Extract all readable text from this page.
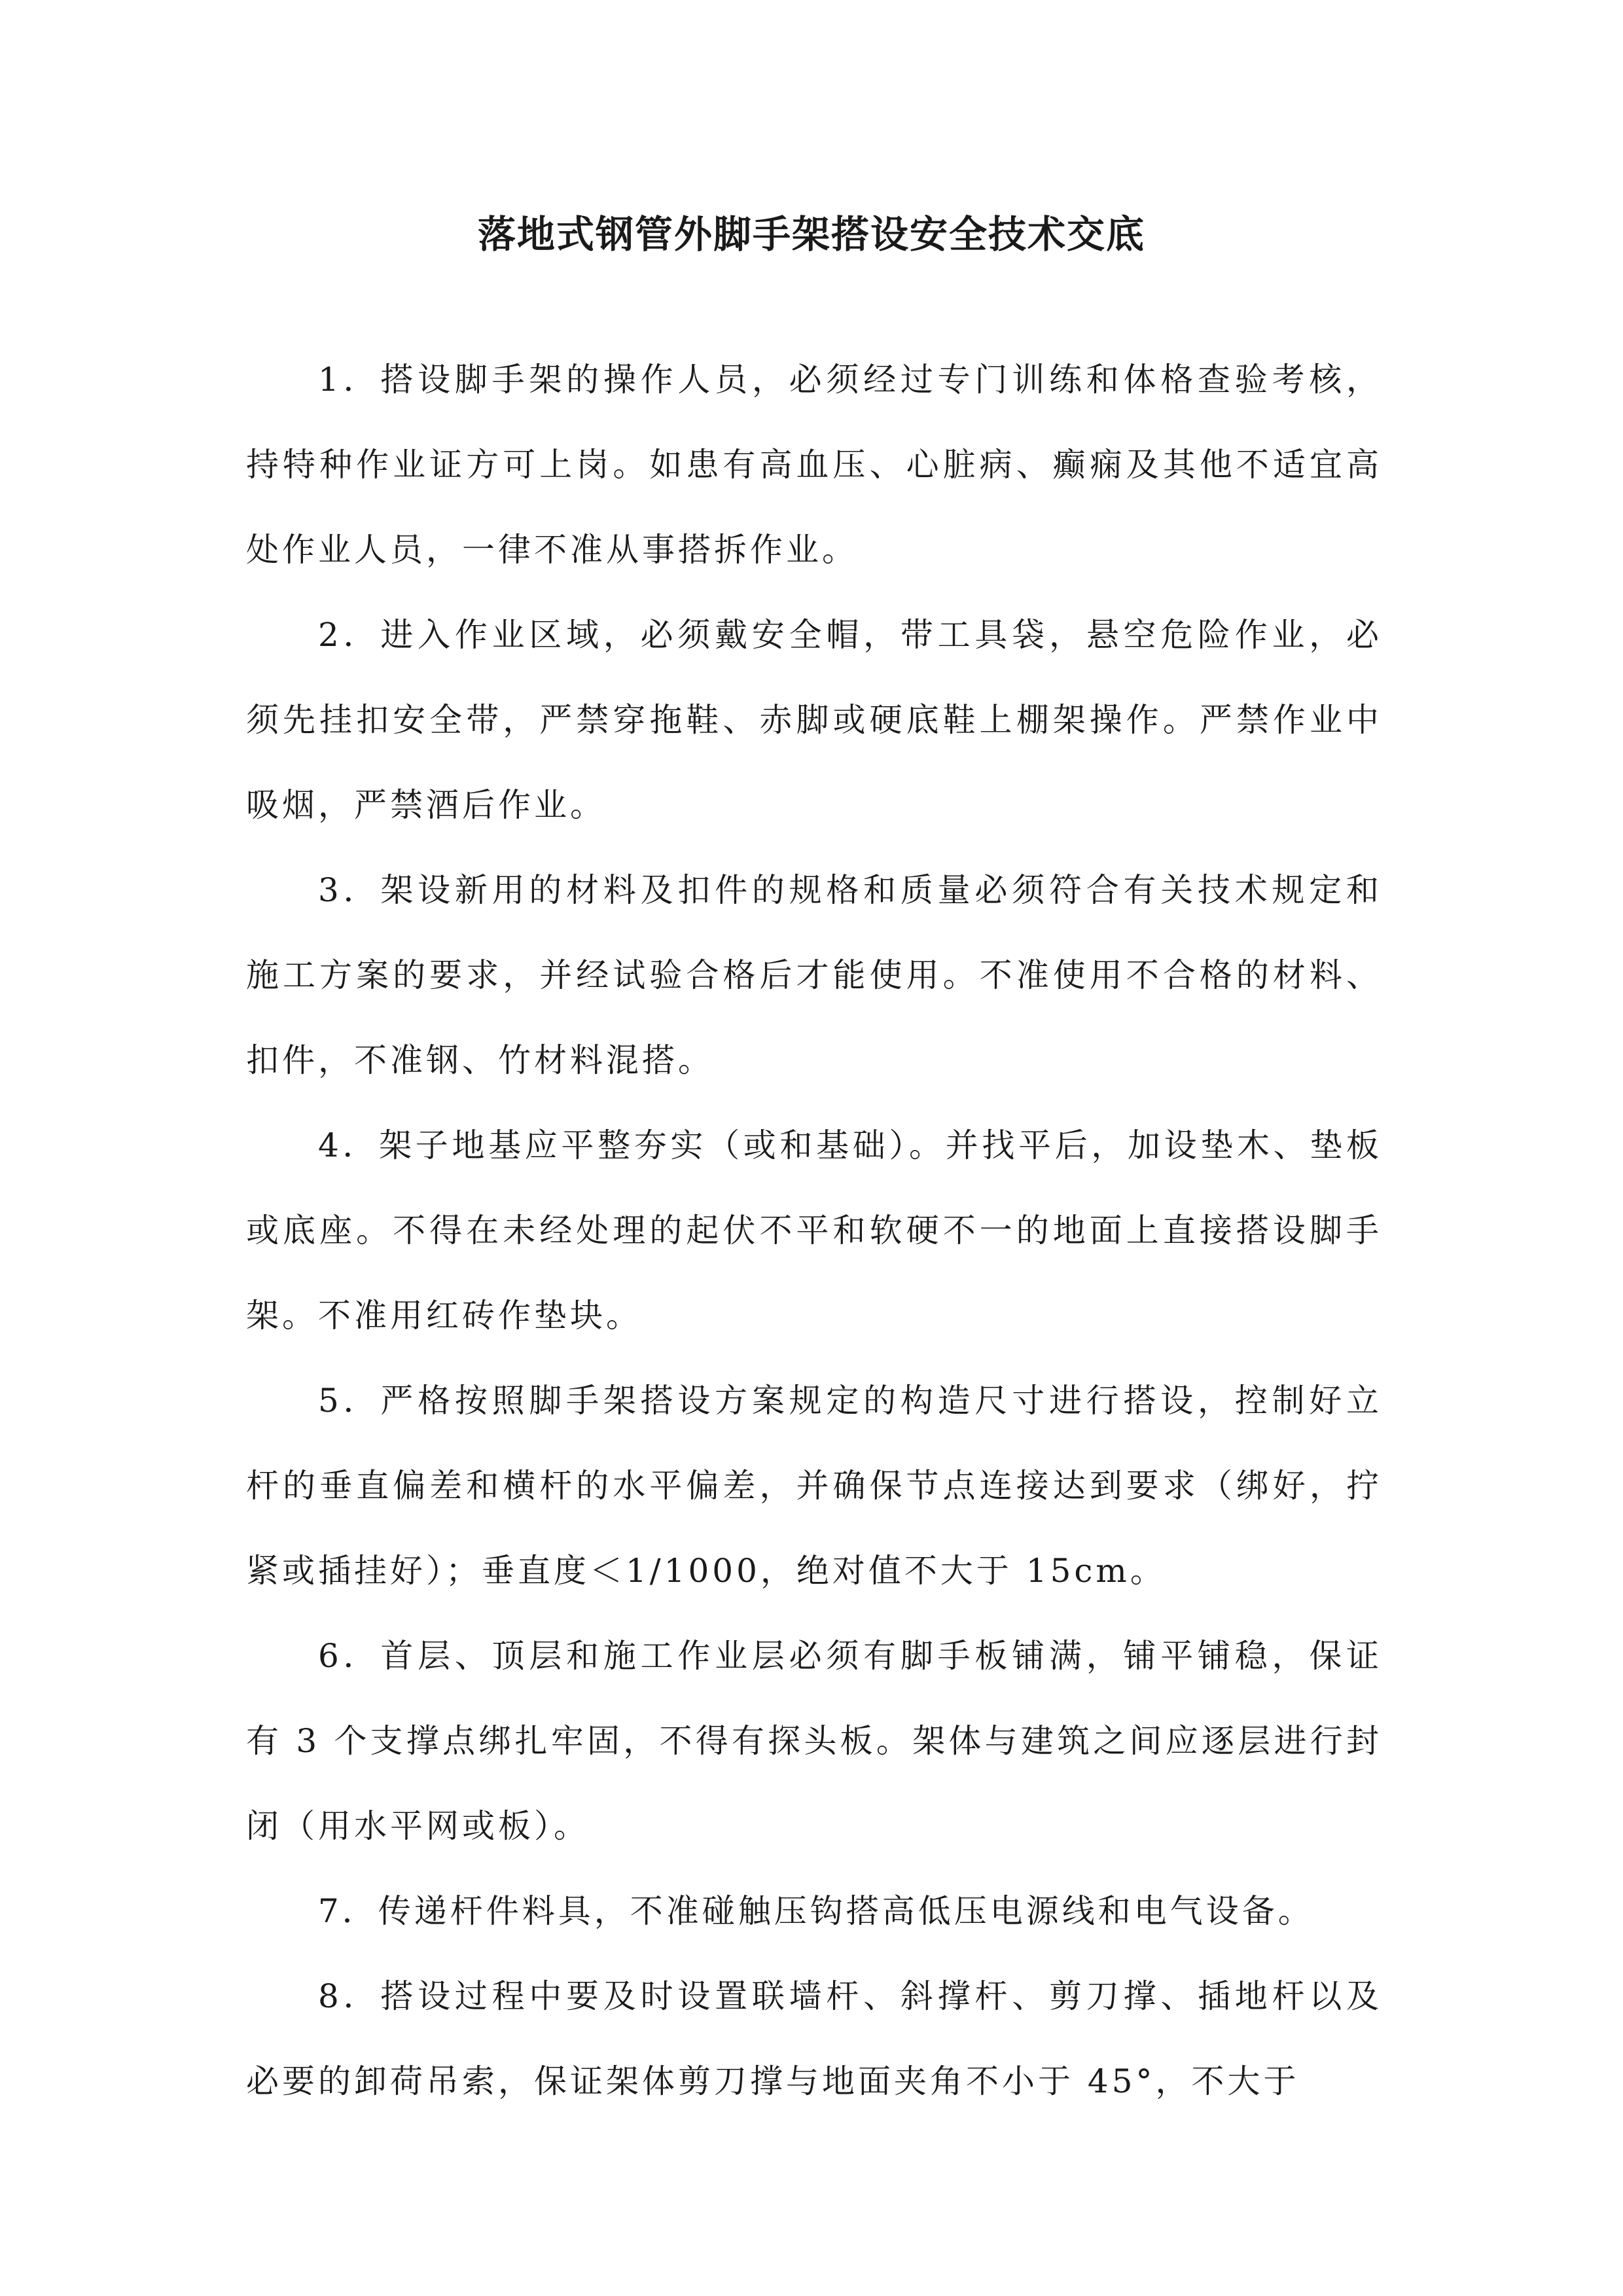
落地式钢管外脚手架搭设安全技术交底

1．搭设脚手架的操作人员，必须经过专门训练和体格查验考核，持特种作业证方可上岗。如患有高血压、心脏病、癫痫及其他不适宜高处作业人员，一律不准从事搭拆作业。

2．进入作业区域，必须戴安全帽，带工具袋，悬空危险作业，必须先挂扣安全带，严禁穿拖鞋、赤脚或硬底鞋上棚架操作。严禁作业中吸烟，严禁酒后作业。

3．架设新用的材料及扣件的规格和质量必须符合有关技术规定和施工方案的要求，并经试验合格后才能使用。不准使用不合格的材料、扣件，不准钢、竹材料混搭。

4．架子地基应平整夯实（或和基础）。并找平后，加设垫木、垫板或底座。不得在未经处理的起伏不平和软硬不一的地面上直接搭设脚手架。不准用红砖作垫块。

5．严格按照脚手架搭设方案规定的构造尺寸进行搭设，控制好立杆的垂直偏差和横杆的水平偏差，并确保节点连接达到要求（绑好，拧紧或插挂好）；垂直度＜1/1000，绝对值不大于 15cm。

6．首层、顶层和施工作业层必须有脚手板铺满，铺平铺稳，保证有 3 个支撑点绑扎牢固，不得有探头板。架体与建筑之间应逐层进行封闭（用水平网或板）。

7．传递杆件料具，不准碰触压钩搭高低压电源线和电气设备。

8．搭设过程中要及时设置联墙杆、斜撑杆、剪刀撑、插地杆以及必要的卸荷吊索，保证架体剪刀撑与地面夹角不小于 45°，不大于
